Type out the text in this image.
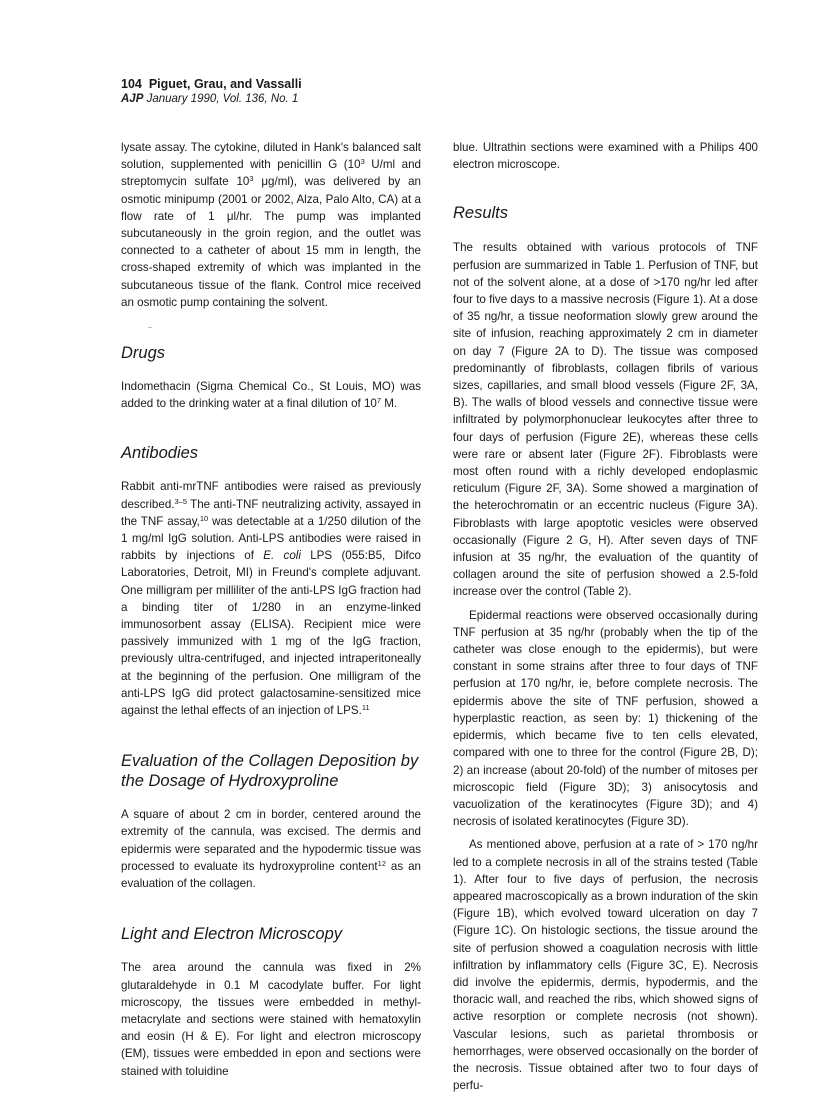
104 Piguet, Grau, and Vassalli
AJP January 1990, Vol. 136, No. 1

lysate assay. The cytokine, diluted in Hank's balanced salt solution, supplemented with penicillin G ($10^3$ U/ml and streptomycin sulfate $10^3$ μg/ml), was delivered by an osmotic minipump (2001 or 2002, Alza, Palo Alto, CA) at a flow rate of 1 μl/hr. The pump was implanted subcutaneously in the groin region, and the outlet was connected to a catheter of about 15 mm in length, the cross-shaped extremity of which was implanted in the subcutaneous tissue of the flank. Control mice received an osmotic pump containing the solvent.

Drugs

Indomethacin (Sigma Chemical Co., St Louis, MO) was added to the drinking water at a final dilution of $10^7$ M.

Antibodies

Rabbit anti-mrTNF antibodies were raised as previously described.$^{3-5}$ The anti-TNF neutralizing activity, assayed in the TNF assay,$^{10}$ was detectable at a 1/250 dilution of the 1 mg/ml IgG solution. Anti-LPS antibodies were raised in rabbits by injections of E. coli LPS (055:B5, Difco Laboratories, Detroit, MI) in Freund's complete adjuvant. One milligram per milliliter of the anti-LPS IgG fraction had a binding titer of 1/280 in an enzyme-linked immunosorbent assay (ELISA). Recipient mice were passively immunized with 1 mg of the IgG fraction, previously ultra-centrifuged, and injected intraperitoneally at the beginning of the perfusion. One milligram of the anti-LPS IgG did protect galactosamine-sensitized mice against the lethal effects of an injection of LPS.$^{11}$

Evaluation of the Collagen Deposition by the Dosage of Hydroxyproline

A square of about 2 cm in border, centered around the extremity of the cannula, was excised. The dermis and epidermis were separated and the hypodermic tissue was processed to evaluate its hydroxyproline content$^{12}$ as an evaluation of the collagen.

Light and Electron Microscopy

The area around the cannula was fixed in 2% glutaraldehyde in 0.1 M cacodylate buffer. For light microscopy, the tissues were embedded in methyl-metacrylate and sections were stained with hematoxylin and eosin (H & E). For light and electron microscopy (EM), tissues were embedded in epon and sections were stained with toluidine

blue. Ultrathin sections were examined with a Philips 400 electron microscope.

Results

The results obtained with various protocols of TNF perfusion are summarized in Table 1. Perfusion of TNF, but not of the solvent alone, at a dose of >170 ng/hr led after four to five days to a massive necrosis (Figure 1). At a dose of 35 ng/hr, a tissue neoformation slowly grew around the site of infusion, reaching approximately 2 cm in diameter on day 7 (Figure 2A to D). The tissue was composed predominantly of fibroblasts, collagen fibrils of various sizes, capillaries, and small blood vessels (Figure 2F, 3A, B). The walls of blood vessels and connective tissue were infiltrated by polymorphonuclear leukocytes after three to four days of perfusion (Figure 2E), whereas these cells were rare or absent later (Figure 2F). Fibroblasts were most often round with a richly developed endoplasmic reticulum (Figure 2F, 3A). Some showed a margination of the heterochromatin or an eccentric nucleus (Figure 3A). Fibroblasts with large apoptotic vesicles were observed occasionally (Figure 2 G, H). After seven days of TNF infusion at 35 ng/hr, the evaluation of the quantity of collagen around the site of perfusion showed a 2.5-fold increase over the control (Table 2).

Epidermal reactions were observed occasionally during TNF perfusion at 35 ng/hr (probably when the tip of the catheter was close enough to the epidermis), but were constant in some strains after three to four days of TNF perfusion at 170 ng/hr, ie, before complete necrosis. The epidermis above the site of TNF perfusion, showed a hyperplastic reaction, as seen by: 1) thickening of the epidermis, which became five to ten cells elevated, compared with one to three for the control (Figure 2B, D); 2) an increase (about 20-fold) of the number of mitoses per microscopic field (Figure 3D); 3) anisocytosis and vacuolization of the keratinocytes (Figure 3D); and 4) necrosis of isolated keratinocytes (Figure 3D).

As mentioned above, perfusion at a rate of > 170 ng/hr led to a complete necrosis in all of the strains tested (Table 1). After four to five days of perfusion, the necrosis appeared macroscopically as a brown induration of the skin (Figure 1B), which evolved toward ulceration on day 7 (Figure 1C). On histologic sections, the tissue around the site of perfusion showed a coagulation necrosis with little infiltration by inflammatory cells (Figure 3C, E). Necrosis did involve the epidermis, dermis, hypodermis, and the thoracic wall, and reached the ribs, which showed signs of active resorption or complete necrosis (not shown). Vascular lesions, such as parietal thrombosis or hemorrhages, were observed occasionally on the border of the necrosis. Tissue obtained after two to four days of perfu-
